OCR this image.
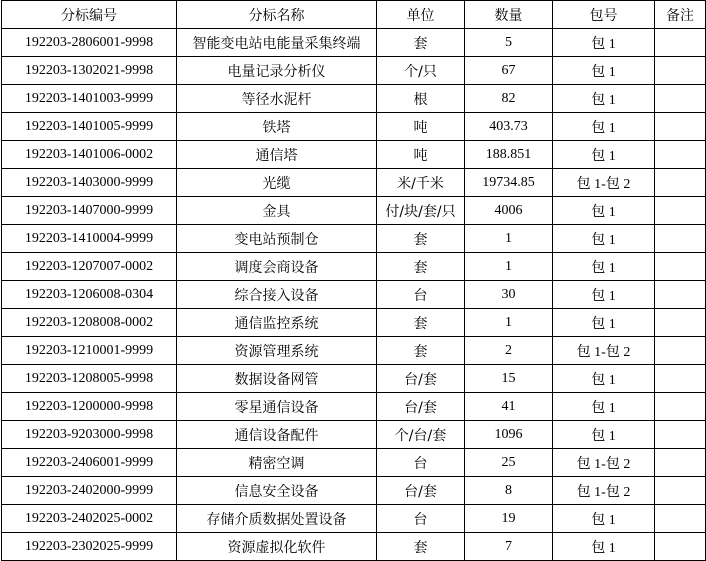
分标编号	分标名称	单位	数量	包号	备注
192203-2806001-9998	智能变电站电能量采集终端	套	5	包 1	
192203-1302021-9998	电量记录分析仪	个/只	67	包 1	
192203-1401003-9999	等径水泥杆	根	82	包 1	
192203-1401005-9999	铁塔	吨	403.73	包 1	
192203-1401006-0002	通信塔	吨	188.851	包 1	
192203-1403000-9999	光缆	米/千米	19734.85	包 1-包 2	
192203-1407000-9999	金具	付/块/套/只	4006	包 1	
192203-1410004-9999	变电站预制仓	套	1	包 1	
192203-1207007-0002	调度会商设备	套	1	包 1	
192203-1206008-0304	综合接入设备	台	30	包 1	
192203-1208008-0002	通信监控系统	套	1	包 1	
192203-1210001-9999	资源管理系统	套	2	包 1-包 2	
192203-1208005-9998	数据设备网管	台/套	15	包 1	
192203-1200000-9998	零星通信设备	台/套	41	包 1	
192203-9203000-9998	通信设备配件	个/台/套	1096	包 1	
192203-2406001-9999	精密空调	台	25	包 1-包 2	
192203-2402000-9999	信息安全设备	台/套	8	包 1-包 2	
192203-2402025-0002	存储介质数据处置设备	台	19	包 1	
192203-2302025-9999	资源虚拟化软件	套	7	包 1	
